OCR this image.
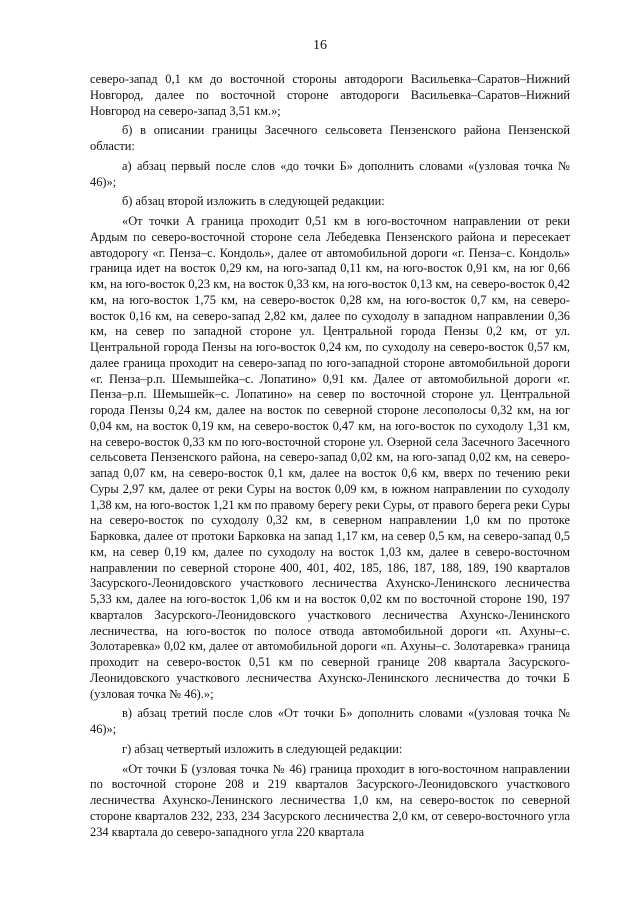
16

северо-запад 0,1 км до восточной стороны автодороги Васильевка–Саратов–Нижний Новгород, далее по восточной стороне автодороги Васильевка–Саратов–Нижний Новгород на северо-запад 3,51 км.»;

б) в описании границы Засечного сельсовета Пензенского района Пензенской области:

а) абзац первый после слов «до точки Б» дополнить словами «(узловая точка № 46)»;

б) абзац второй изложить в следующей редакции:

«От точки А граница проходит 0,51 км в юго-восточном направлении от реки Ардым по северо-восточной стороне села Лебедевка Пензенского района и пересекает автодорогу «г. Пенза–с. Кондоль», далее от автомобильной дороги «г. Пенза–с. Кондоль» граница идет на восток 0,29 км, на юго-запад 0,11 км, на юго-восток 0,91 км, на юг 0,66 км, на юго-восток 0,23 км, на восток 0,33 км, на юго-восток 0,13 км, на северо-восток 0,42 км, на юго-восток 1,75 км, на северо-восток 0,28 км, на юго-восток 0,7 км, на северо-восток 0,16 км, на северо-запад 2,82 км, далее по суходолу в западном направлении 0,36 км, на север по западной стороне ул. Центральной города Пензы 0,2 км, от ул. Центральной города Пензы на юго-восток 0,24 км, по суходолу на северо-восток 0,57 км, далее граница проходит на северо-запад по юго-западной стороне автомобильной дороги «г. Пенза–р.п. Шемышейка–с. Лопатино» 0,91 км. Далее от автомобильной дороги «г. Пенза–р.п. Шемышейк–с. Лопатино» на север по восточной стороне ул. Центральной города Пензы 0,24 км, далее на восток по северной стороне лесополосы 0,32 км, на юг 0,04 км, на восток 0,19 км, на северо-восток 0,47 км, на юго-восток по суходолу 1,31 км, на северо-восток 0,33 км по юго-восточной стороне ул. Озерной села Засечного Засечного сельсовета Пензенского района, на северо-запад 0,02 км, на юго-запад 0,02 км, на северо-запад 0,07 км, на северо-восток 0,1 км, далее на восток 0,6 км, вверх по течению реки Суры 2,97 км, далее от реки Суры на восток 0,09 км, в южном направлении по суходолу 1,38 км, на юго-восток 1,21 км по правому берегу реки Суры, от правого берега реки Суры на северо-восток по суходолу 0,32 км, в северном направлении 1,0 км по протоке Барковка, далее от протоки Барковка на запад 1,17 км, на север 0,5 км, на северо-запад 0,5 км, на север 0,19 км, далее по суходолу на восток 1,03 км, далее в северо-восточном направлении по северной стороне 400, 401, 402, 185, 186, 187, 188, 189, 190 кварталов Засурского-Леонидовского участкового лесничества Ахунско-Ленинского лесничества 5,33 км, далее на юго-восток 1,06 км и на восток 0,02 км по восточной стороне 190, 197 кварталов Засурского-Леонидовского участкового лесничества Ахунско-Ленинского лесничества, на юго-восток по полосе отвода автомобильной дороги «п. Ахуны–с. Золотаревка» 0,02 км, далее от автомобильной дороги «п. Ахуны–с. Золотаревка» граница проходит на северо-восток 0,51 км по северной границе 208 квартала Засурского-Леонидовского участкового лесничества Ахунско-Ленинского лесничества до точки Б (узловая точка № 46).»;

в) абзац третий после слов «От точки Б» дополнить словами «(узловая точка № 46)»;

г) абзац четвертый изложить в следующей редакции:

«От точки Б (узловая точка № 46) граница проходит в юго-восточном направлении по восточной стороне 208 и 219 кварталов Засурского-Леонидовского участкового лесничества Ахунско-Ленинского лесничества 1,0 км, на северо-восток по северной стороне кварталов 232, 233, 234 Засурского лесничества 2,0 км, от северо-восточного угла 234 квартала до северо-западного угла 220 квартала
